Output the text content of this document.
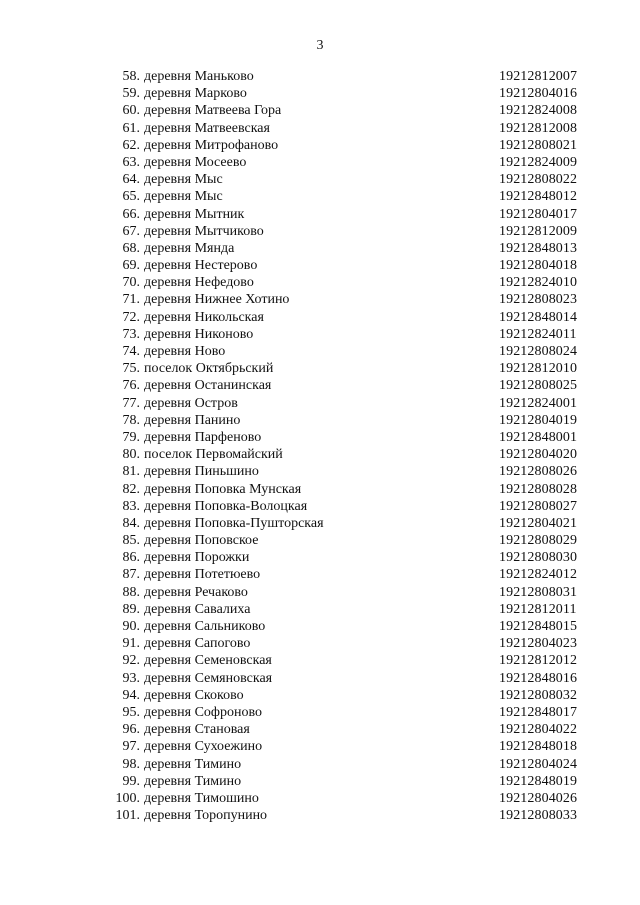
3
58. деревня Маньково	19212812007
59. деревня Марково	19212804016
60. деревня Матвеева Гора	19212824008
61. деревня Матвеевская	19212812008
62. деревня Митрофаново	19212808021
63. деревня Мосеево	19212824009
64. деревня Мыс	19212808022
65. деревня Мыс	19212848012
66. деревня Мытник	19212804017
67. деревня Мытчиково	19212812009
68. деревня Мянда	19212848013
69. деревня Нестерово	19212804018
70. деревня Нефедово	19212824010
71. деревня Нижнее Хотино	19212808023
72. деревня Никольская	19212848014
73. деревня Никоново	19212824011
74. деревня Ново	19212808024
75. поселок Октябрьский	19212812010
76. деревня Останинская	19212808025
77. деревня Остров	19212824001
78. деревня Панино	19212804019
79. деревня Парфеново	19212848001
80. поселок Первомайский	19212804020
81. деревня Пиньшино	19212808026
82. деревня Поповка Мунская	19212808028
83. деревня Поповка-Волоцкая	19212808027
84. деревня Поповка-Пушторская	19212804021
85. деревня Поповское	19212808029
86. деревня Порожки	19212808030
87. деревня Потетюево	19212824012
88. деревня Речаково	19212808031
89. деревня Савалиха	19212812011
90. деревня Сальниково	19212848015
91. деревня Сапогово	19212804023
92. деревня Семеновская	19212812012
93. деревня Семяновская	19212848016
94. деревня Скоково	19212808032
95. деревня Софроново	19212848017
96. деревня Становая	19212804022
97. деревня Сухоежино	19212848018
98. деревня Тимино	19212804024
99. деревня Тимино	19212848019
100. деревня Тимошино	19212804026
101. деревня Торопунино	19212808033
